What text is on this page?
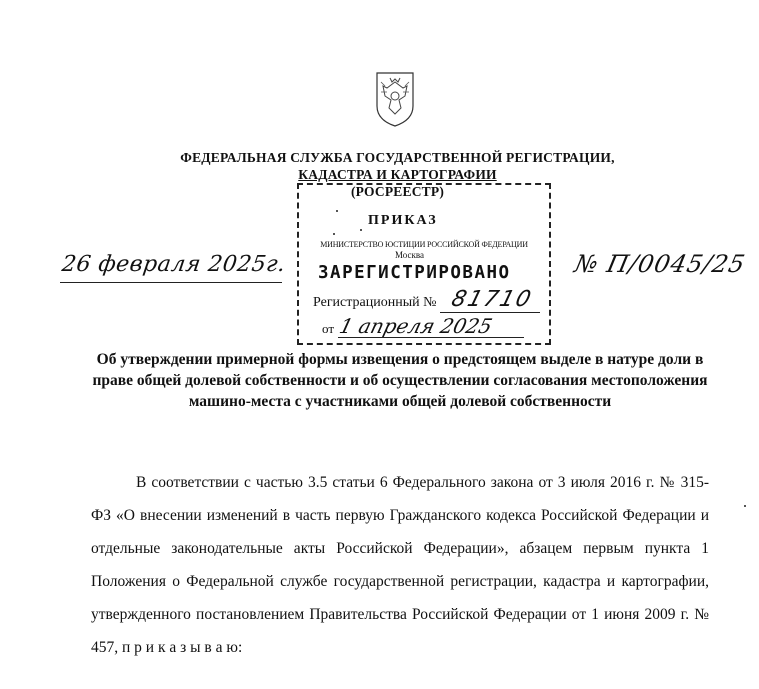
ФЕДЕРАЛЬНАЯ СЛУЖБА ГОСУДАРСТВЕННОЙ РЕГИСТРАЦИИ,
КАДАСТРА И КАРТОГРАФИИ
(РОСРЕЕСТР)
ПРИКАЗ
26 февраля 2025г.	№ П/0045/25
МИНИСТЕРСТВО ЮСТИЦИИ РОССИЙСКОЙ ФЕДЕРАЦИИ
Москва
ЗАРЕГИСТРИРОВАНО
Регистрационный № 81710
от 1 апреля 2025
Об утверждении примерной формы извещения о предстоящем выделе в натуре доли в праве общей долевой собственности и об осуществлении согласования местоположения машино-места с участниками общей долевой собственности
В соответствии с частью 3.5 статьи 6 Федерального закона от 3 июля 2016 г. № 315-ФЗ «О внесении изменений в часть первую Гражданского кодекса Российской Федерации и отдельные законодательные акты Российской Федерации», абзацем первым пункта 1 Положения о Федеральной службе государственной регистрации, кадастра и картографии, утвержденного постановлением Правительства Российской Федерации от 1 июня 2009 г. № 457, п р и к а з ы в а ю:
